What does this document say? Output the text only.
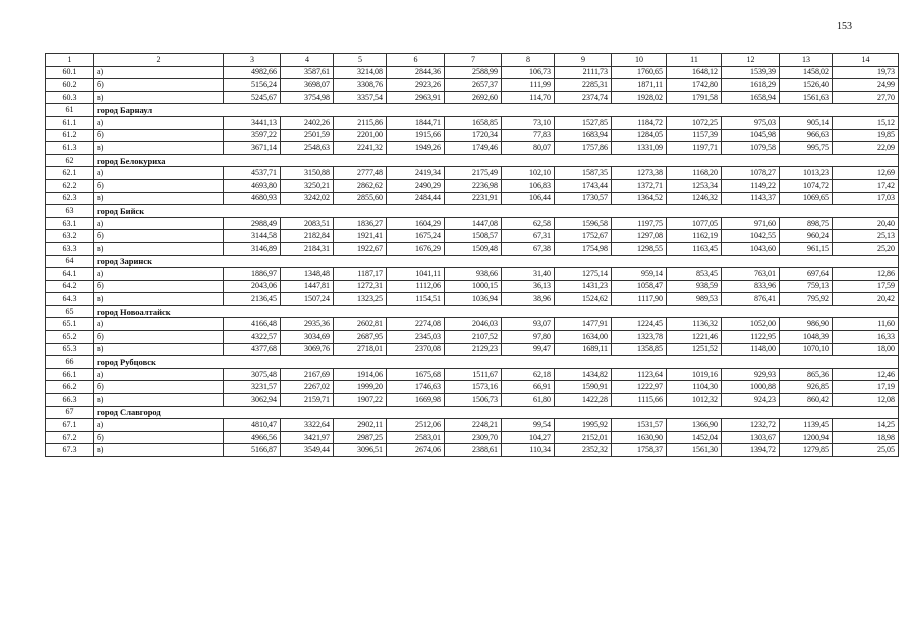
153
1	2	3	4	5	6	7	8	9	10	11	12	13	14
60.1	а)	4982,66	3587,61	3214,08	2844,36	2588,99	106,73	2111,73	1760,65	1648,12	1539,39	1458,02	19,73
60.2	б)	5156,24	3698,07	3308,76	2923,26	2657,37	111,99	2285,31	1871,11	1742,80	1618,29	1526,40	24,99
60.3	в)	5245,67	3754,98	3357,54	2963,91	2692,60	114,70	2374,74	1928,02	1791,58	1658,94	1561,63	27,70
61	город Барнаул												
61.1	а)	3441,13	2402,26	2115,86	1844,71	1658,85	73,10	1527,85	1184,72	1072,25	975,03	905,14	15,12
61.2	б)	3597,22	2501,59	2201,00	1915,66	1720,34	77,83	1683,94	1284,05	1157,39	1045,98	966,63	19,85
61.3	в)	3671,14	2548,63	2241,32	1949,26	1749,46	80,07	1757,86	1331,09	1197,71	1079,58	995,75	22,09
62	город Белокуриха												
62.1	а)	4537,71	3150,88	2777,48	2419,34	2175,49	102,10	1587,35	1273,38	1168,20	1078,27	1013,23	12,69
62.2	б)	4693,80	3250,21	2862,62	2490,29	2236,98	106,83	1743,44	1372,71	1253,34	1149,22	1074,72	17,42
62.3	в)	4680,93	3242,02	2855,60	2484,44	2231,91	106,44	1730,57	1364,52	1246,32	1143,37	1069,65	17,03
63	город Бийск												
63.1	а)	2988,49	2083,51	1836,27	1604,29	1447,08	62,58	1596,58	1197,75	1077,05	971,60	898,75	20,40
63.2	б)	3144,58	2182,84	1921,41	1675,24	1508,57	67,31	1752,67	1297,08	1162,19	1042,55	960,24	25,13
63.3	в)	3146,89	2184,31	1922,67	1676,29	1509,48	67,38	1754,98	1298,55	1163,45	1043,60	961,15	25,20
64	город Заринск												
64.1	а)	1886,97	1348,48	1187,17	1041,11	938,66	31,40	1275,14	959,14	853,45	763,01	697,64	12,86
64.2	б)	2043,06	1447,81	1272,31	1112,06	1000,15	36,13	1431,23	1058,47	938,59	833,96	759,13	17,59
64.3	в)	2136,45	1507,24	1323,25	1154,51	1036,94	38,96	1524,62	1117,90	989,53	876,41	795,92	20,42
65	город Новоалтайск												
65.1	а)	4166,48	2935,36	2602,81	2274,08	2046,03	93,07	1477,91	1224,45	1136,32	1052,00	986,90	11,60
65.2	б)	4322,57	3034,69	2687,95	2345,03	2107,52	97,80	1634,00	1323,78	1221,46	1122,95	1048,39	16,33
65.3	в)	4377,68	3069,76	2718,01	2370,08	2129,23	99,47	1689,11	1358,85	1251,52	1148,00	1070,10	18,00
66	город Рубцовск												
66.1	а)	3075,48	2167,69	1914,06	1675,68	1511,67	62,18	1434,82	1123,64	1019,16	929,93	865,36	12,46
66.2	б)	3231,57	2267,02	1999,20	1746,63	1573,16	66,91	1590,91	1222,97	1104,30	1000,88	926,85	17,19
66.3	в)	3062,94	2159,71	1907,22	1669,98	1506,73	61,80	1422,28	1115,66	1012,32	924,23	860,42	12,08
67	город Славгород												
67.1	а)	4810,47	3322,64	2902,11	2512,06	2248,21	99,54	1995,92	1531,57	1366,90	1232,72	1139,45	14,25
67.2	б)	4966,56	3421,97	2987,25	2583,01	2309,70	104,27	2152,01	1630,90	1452,04	1303,67	1200,94	18,98
67.3	в)	5166,87	3549,44	3096,51	2674,06	2388,61	110,34	2352,32	1758,37	1561,30	1394,72	1279,85	25,05
